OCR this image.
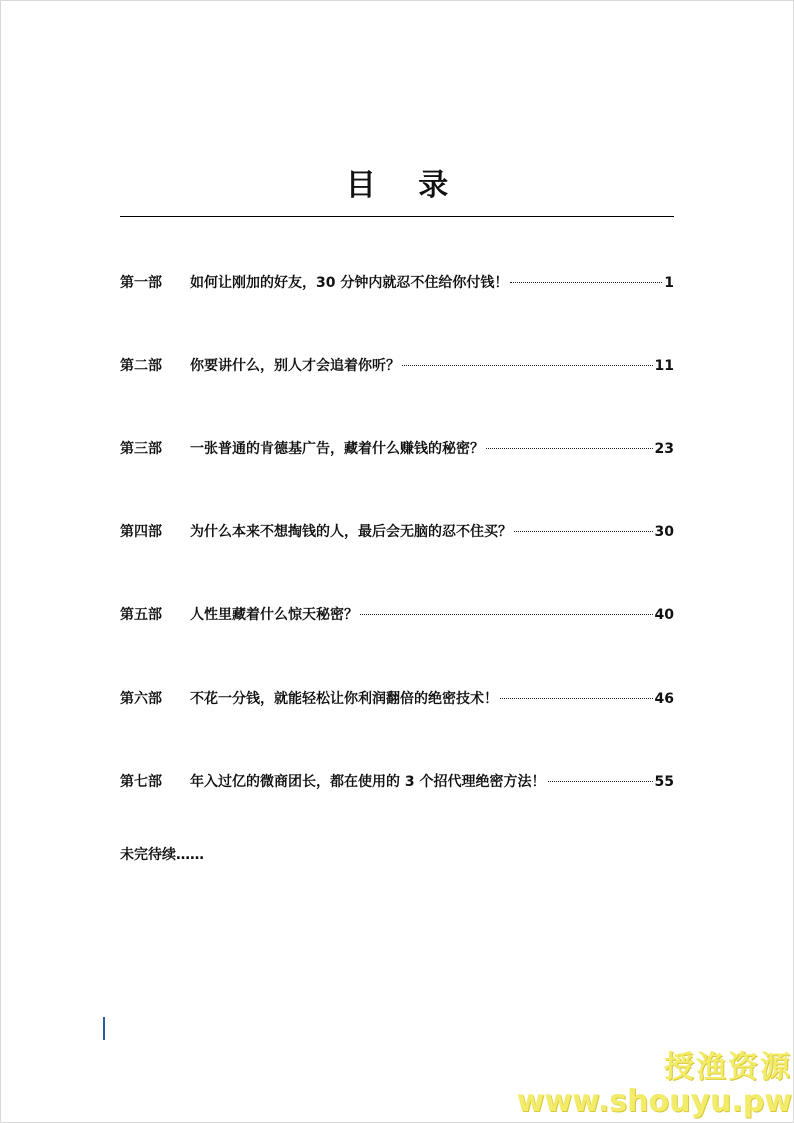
目 录
第一部	如何让刚加的好友，30 分钟内就忍不住给你付钱！	1
第二部	你要讲什么，别人才会追着你听？	11
第三部	一张普通的肯德基广告，藏着什么赚钱的秘密？	23
第四部	为什么本来不想掏钱的人，最后会无脑的忍不住买？	30
第五部	人性里藏着什么惊天秘密？	40
第六部	不花一分钱，就能轻松让你利润翻倍的绝密技术！	46
第七部	年入过亿的微商团长，都在使用的 3 个招代理绝密方法！	55
未完待续……
授渔资源
www.shouyu.pw
